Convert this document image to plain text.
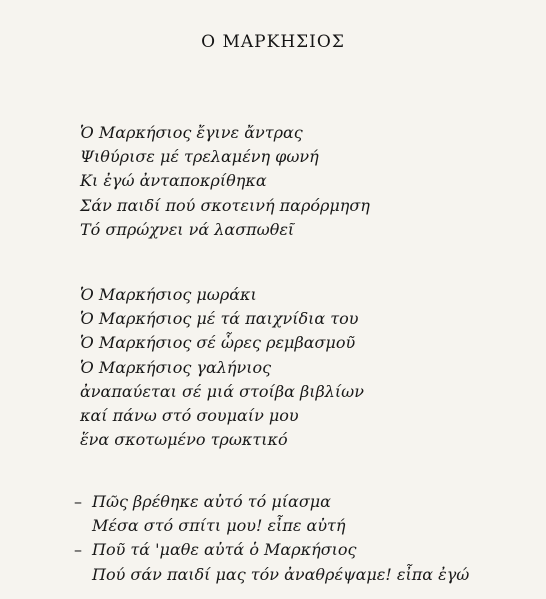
Ο ΜΑΡΚΗΣΙΟΣ
Ὁ Μαρκήσιος ἔγινε ἄντρας
Ψιθύρισε μέ τρελαμένη φωνή
Κι ἐγώ ἀνταποκρίθηκα
Σάν παιδί πού σκοτεινή παρόρμηση
Τό σπρώχνει νά λασπωθεῖ
Ὁ Μαρκήσιος μωράκι
Ὁ Μαρκήσιος μέ τά παιχνίδια του
Ὁ Μαρκήσιος σέ ὧρες ρεμβασμοῦ
Ὁ Μαρκήσιος γαλήνιος
ἀναπαύεται σέ μιά στοίβα βιβλίων
καί πάνω στό σουμαίν μου
ἕνα σκοτωμένο τρωκτικό
– Πῶς βρέθηκε αὐτό τό μίασμα
Μέσα στό σπίτι μου! εἶπε αὐτή
– Ποῦ τά 'μαθε αὐτά ὁ Μαρκήσιος
Πού σάν παιδί μας τόν ἀναθρέψαμε! εἶπα ἐγώ
